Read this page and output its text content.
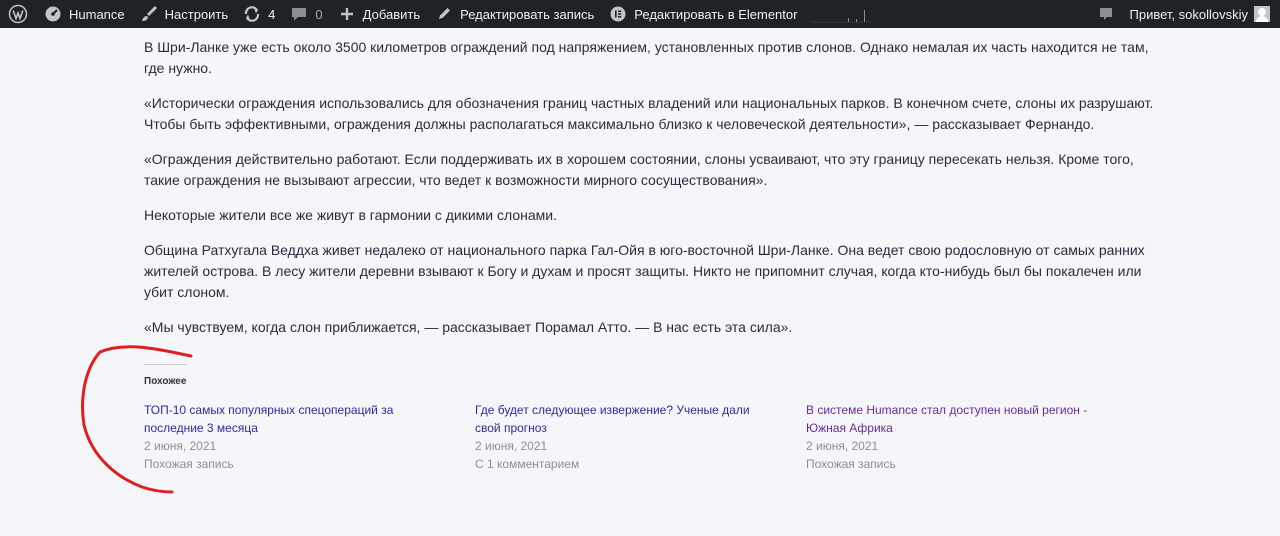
Humance	Настроить	4	0	Добавить	Редактировать запись	Редактировать в Elementor	Привет, sokollovskiy

В Шри-Ланке уже есть около 3500 километров ограждений под напряжением, установленных против слонов. Однако немалая их часть находится не там, где нужно.

«Исторически ограждения использовались для обозначения границ частных владений или национальных парков. В конечном счете, слоны их разрушают. Чтобы быть эффективными, ограждения должны располагаться максимально близко к человеческой деятельности», — рассказывает Фернандо.

«Ограждения действительно работают. Если поддерживать их в хорошем состоянии, слоны усваивают, что эту границу пересекать нельзя. Кроме того, такие ограждения не вызывают агрессии, что ведет к возможности мирного сосуществования».

Некоторые жители все же живут в гармонии с дикими слонами.

Община Ратхугала Веддха живет недалеко от национального парка Гал-Ойя в юго-восточной Шри-Ланке. Она ведет свою родословную от самых ранних жителей острова. В лесу жители деревни взывают к Богу и духам и просят защиты. Никто не припомнит случая, когда кто-нибудь был бы покалечен или убит слоном.

«Мы чувствуем, когда слон приближается, — рассказывает Порамал Атто. — В нас есть эта сила».

Похожее
ТОП-10 самых популярных спецопераций за последние 3 месяца
2 июня, 2021
Похожая запись
Где будет следующее извержение? Ученые дали свой прогноз
2 июня, 2021
С 1 комментарием
В системе Humance стал доступен новый регион - Южная Африка
2 июня, 2021
Похожая запись
